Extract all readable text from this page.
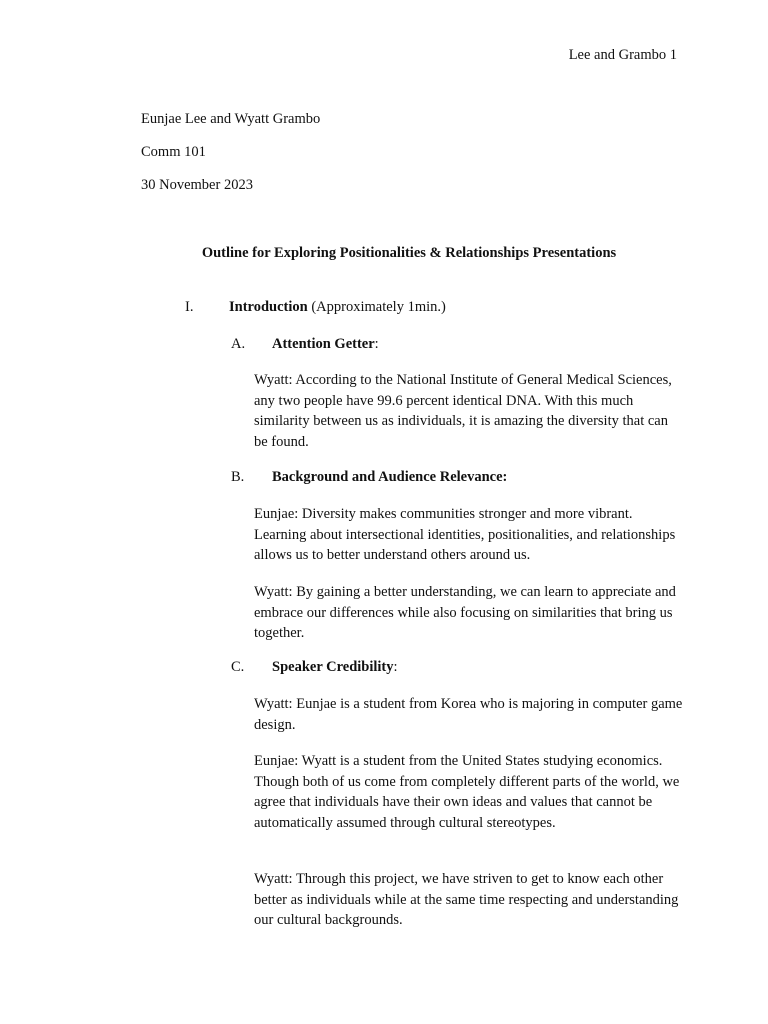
Lee and Grambo 1
Eunjae Lee and Wyatt Grambo
Comm 101
30 November 2023
Outline for Exploring Positionalities & Relationships Presentations
I. Introduction (Approximately 1min.)
A. Attention Getter:
Wyatt: According to the National Institute of General Medical Sciences, any two people have 99.6 percent identical DNA. With this much similarity between us as individuals, it is amazing the diversity that can be found.
B. Background and Audience Relevance:
Eunjae: Diversity makes communities stronger and more vibrant. Learning about intersectional identities, positionalities, and relationships allows us to better understand others around us.
Wyatt: By gaining a better understanding, we can learn to appreciate and embrace our differences while also focusing on similarities that bring us together.
C. Speaker Credibility:
Wyatt: Eunjae is a student from Korea who is majoring in computer game design.
Eunjae: Wyatt is a student from the United States studying economics. Though both of us come from completely different parts of the world, we agree that individuals have their own ideas and values that cannot be automatically assumed through cultural stereotypes.
Wyatt: Through this project, we have striven to get to know each other better as individuals while at the same time respecting and understanding our cultural backgrounds.
